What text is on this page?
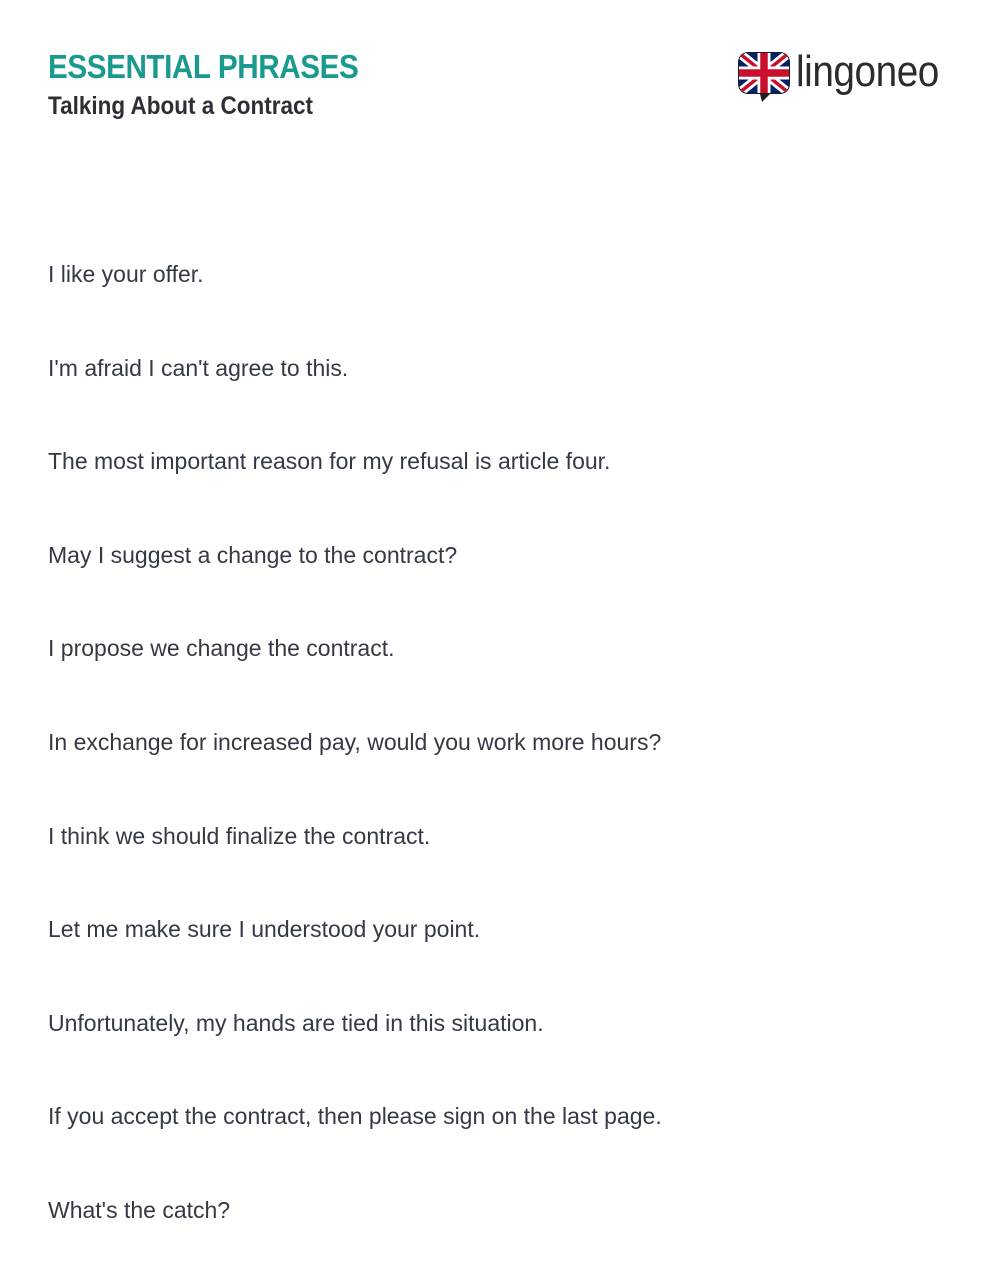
ESSENTIAL PHRASES
Talking About a Contract
lingoneo
I like your offer.
I'm afraid I can't agree to this.
The most important reason for my refusal is article four.
May I suggest a change to the contract?
I propose we change the contract.
In exchange for increased pay, would you work more hours?
I think we should finalize the contract.
Let me make sure I understood your point.
Unfortunately, my hands are tied in this situation.
If you accept the contract, then please sign on the last page.
What's the catch?
